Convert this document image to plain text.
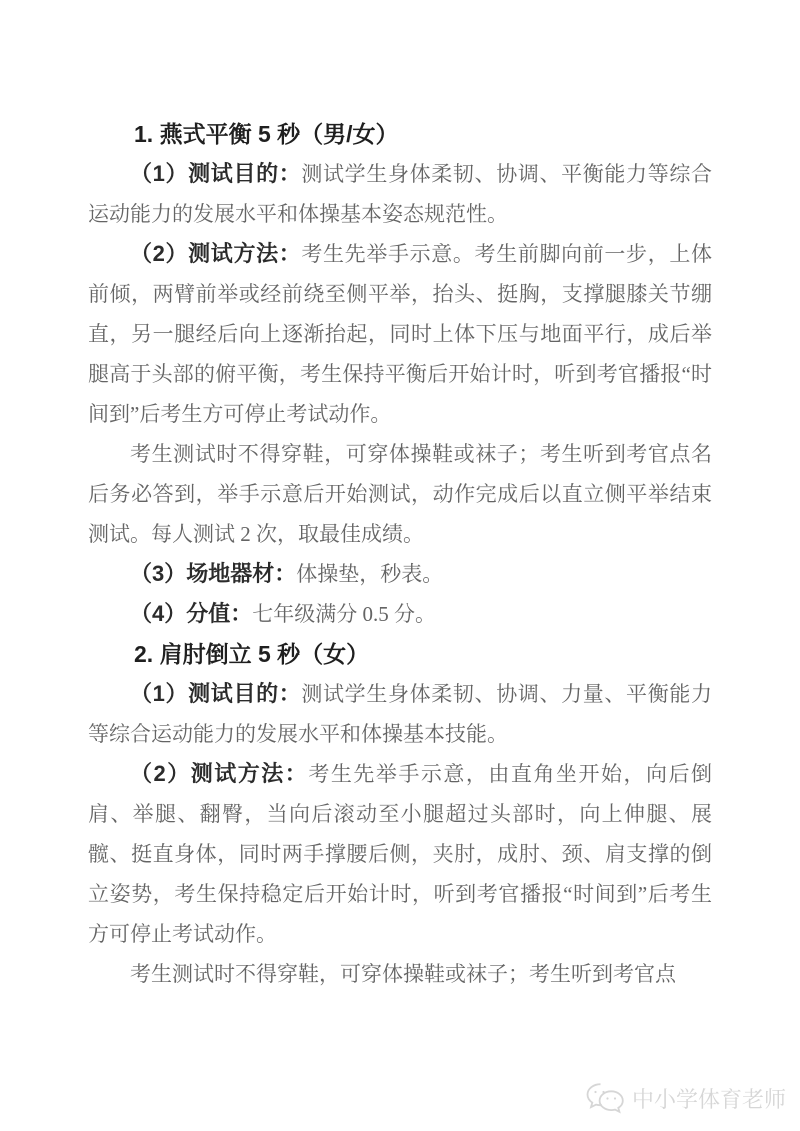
1. 燕式平衡 5 秒（男/女）

（1）测试目的：测试学生身体柔韧、协调、平衡能力等综合运动能力的发展水平和体操基本姿态规范性。

（2）测试方法：考生先举手示意。考生前脚向前一步，上体前倾，两臂前举或经前绕至侧平举，抬头、挺胸，支撑腿膝关节绷直，另一腿经后向上逐渐抬起，同时上体下压与地面平行，成后举腿高于头部的俯平衡，考生保持平衡后开始计时，听到考官播报“时间到”后考生方可停止考试动作。

考生测试时不得穿鞋，可穿体操鞋或袜子；考生听到考官点名后务必答到，举手示意后开始测试，动作完成后以直立侧平举结束测试。每人测试 2 次，取最佳成绩。

（3）场地器材：体操垫，秒表。

（4）分值：七年级满分 0.5 分。

2. 肩肘倒立 5 秒（女）

（1）测试目的：测试学生身体柔韧、协调、力量、平衡能力等综合运动能力的发展水平和体操基本技能。

（2）测试方法：考生先举手示意，由直角坐开始，向后倒肩、举腿、翻臀，当向后滚动至小腿超过头部时，向上伸腿、展髋、挺直身体，同时两手撑腰后侧，夹肘，成肘、颈、肩支撑的倒立姿势，考生保持稳定后开始计时，听到考官播报“时间到”后考生方可停止考试动作。

考生测试时不得穿鞋，可穿体操鞋或袜子；考生听到考官点

中小学体育老师
